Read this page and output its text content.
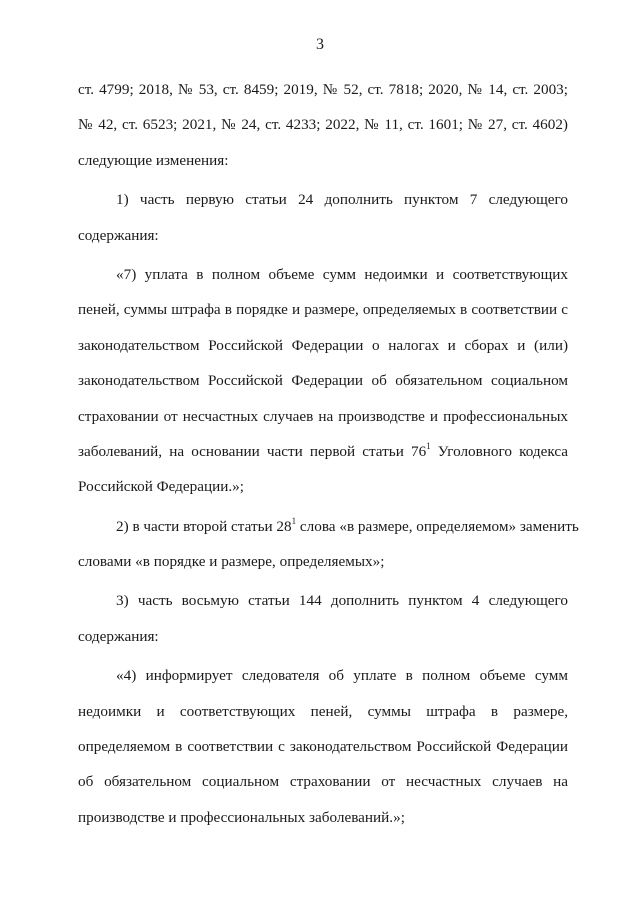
3
ст. 4799; 2018, № 53, ст. 8459; 2019, № 52, ст. 7818; 2020, № 14, ст. 2003;
№ 42, ст. 6523; 2021, № 24, ст. 4233; 2022, № 11, ст. 1601; № 27, ст. 4602)
следующие изменения:
1) часть первую статьи 24 дополнить пунктом 7 следующего
содержания:
«7) уплата в полном объеме сумм недоимки и соответствующих
пеней, суммы штрафа в порядке и размере, определяемых в соответствии с
законодательством Российской Федерации о налогах и сборах и (или)
законодательством Российской Федерации об обязательном социальном
страховании от несчастных случаев на производстве и профессиональных
заболеваний, на основании части первой статьи $76^1$ Уголовного кодекса
Российской Федерации.»;
2) в части второй статьи $28^1$ слова «в размере, определяемом» заменить
словами «в порядке и размере, определяемых»;
3) часть восьмую статьи 144 дополнить пунктом 4 следующего
содержания:
«4) информирует следователя об уплате в полном объеме сумм
недоимки и соответствующих пеней, суммы штрафа в размере,
определяемом в соответствии с законодательством Российской Федерации
об обязательном социальном страховании от несчастных случаев на
производстве и профессиональных заболеваний.»;
